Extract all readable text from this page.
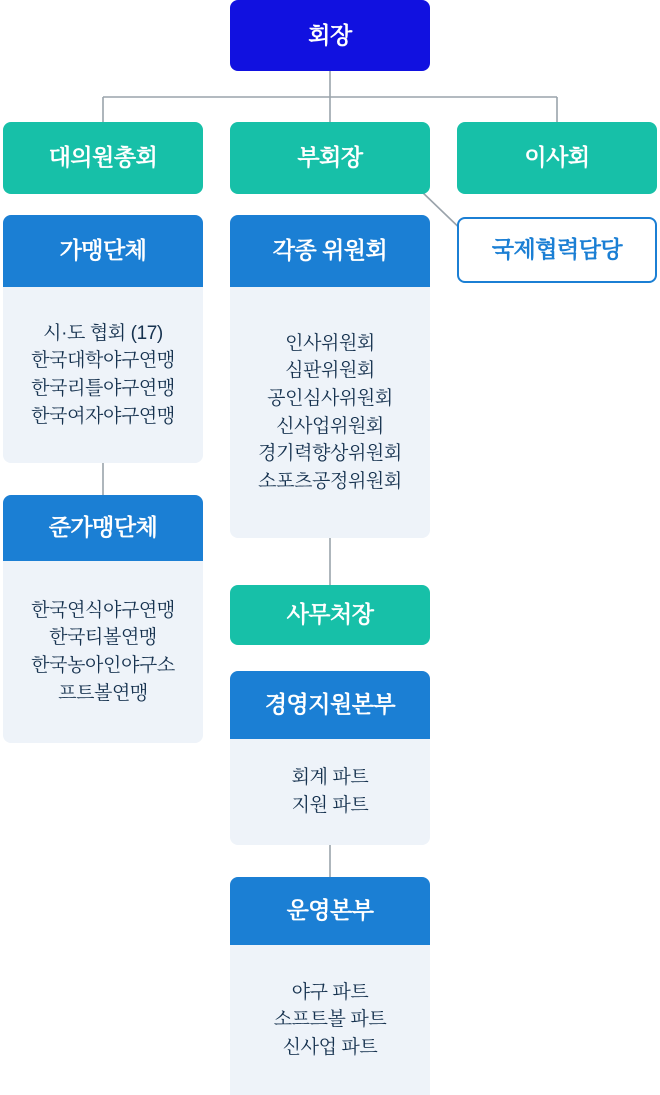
회장
대의원총회	부회장	이사회
국제협력담당
가맹단체
시·도 협회 (17)
한국대학야구연맹
한국리틀야구연맹
한국여자야구연맹
준가맹단체
한국연식야구연맹
한국티볼연맹
한국농아인야구소
프트볼연맹
각종 위원회
인사위원회
심판위원회
공인심사위원회
신사업위원회
경기력향상위원회
소포츠공정위원회
사무처장
경영지원본부
회계 파트
지원 파트
운영본부
야구 파트
소프트볼 파트
신사업 파트
